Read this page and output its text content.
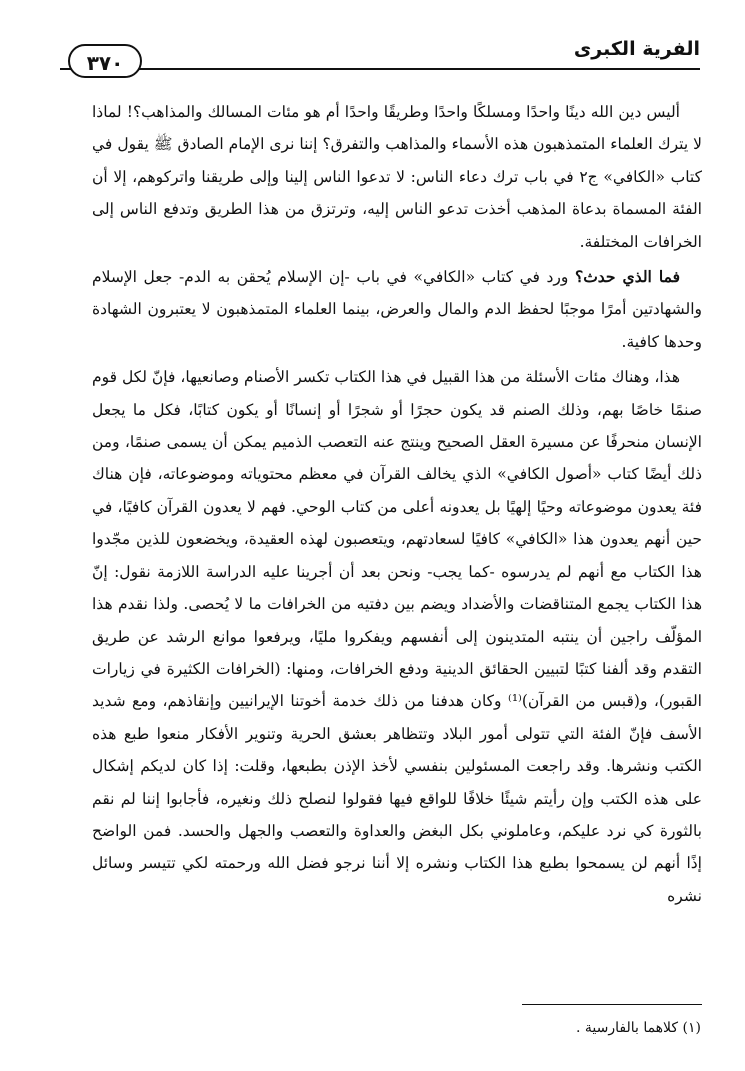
٣٧٠
الفرية الكبرى

أليس دين الله دينًا واحدًا ومسلكًا واحدًا وطريقًا واحدًا أم هو مئات المسالك والمذاهب؟! لماذا لا يترك العلماء المتمذهبون هذه الأسماء والمذاهب والتفرق؟ إننا نرى الإمام الصادق ﷺ يقول في كتاب «الكافي» ج٢ في باب ترك دعاء الناس: لا تدعوا الناس إلينا وإلى طريقنا واتركوهم، إلا أن الفئة المسماة بدعاة المذهب أخذت تدعو الناس إليه، وترتزق من هذا الطريق وتدفع الناس إلى الخرافات المختلفة.

فما الذي حدث؟ ورد في كتاب «الكافي» في باب -إن الإسلام يُحقن به الدم- جعل الإسلام والشهادتين أمرًا موجبًا لحفظ الدم والمال والعرض، بينما العلماء المتمذهبون لا يعتبرون الشهادة وحدها كافية.

هذا، وهناك مئات الأسئلة من هذا القبيل في هذا الكتاب تكسر الأصنام وصانعيها، فإنّ لكل قوم صنمًا خاصًا بهم، وذلك الصنم قد يكون حجرًا أو شجرًا أو إنسانًا أو يكون كتابًا، فكل ما يجعل الإنسان منحرفًا عن مسيرة العقل الصحيح وينتج عنه التعصب الذميم يمكن أن يسمى صنمًا، ومن ذلك أيضًا كتاب «أصول الكافي» الذي يخالف القرآن في معظم محتوياته وموضوعاته، فإن هناك فئة يعدون موضوعاته وحيًا إلهيًا بل يعدونه أعلى من كتاب الوحي. فهم لا يعدون القرآن كافيًا، في حين أنهم يعدون هذا «الكافي» كافيًا لسعادتهم، ويتعصبون لهذه العقيدة، ويخضعون للذين مجّدوا هذا الكتاب مع أنهم لم يدرسوه -كما يجب- ونحن بعد أن أجرينا عليه الدراسة اللازمة نقول: إنّ هذا الكتاب يجمع المتناقضات والأضداد ويضم بين دفتيه من الخرافات ما لا يُحصى. ولذا نقدم هذا المؤلّف راجين أن ينتبه المتدينون إلى أنفسهم ويفكروا مليًا، ويرفعوا موانع الرشد عن طريق التقدم وقد ألفنا كتبًا لتبيين الحقائق الدينية ودفع الخرافات، ومنها: (الخرافات الكثيرة في زيارات القبور)، و(قبس من القرآن)⁽¹⁾ وكان هدفنا من ذلك خدمة أخوتنا الإيرانيين وإنقاذهم، ومع شديد الأسف فإنّ الفئة التي تتولى أمور البلاد وتتظاهر بعشق الحرية وتنوير الأفكار منعوا طبع هذه الكتب ونشرها. وقد راجعت المسئولين بنفسي لأخذ الإذن بطبعها، وقلت: إذا كان لديكم إشكال على هذه الكتب وإن رأيتم شيئًا خلافًا للواقع فيها فقولوا لنصلح ذلك ونغيره، فأجابوا إننا لم نقم بالثورة كي نرد عليكم، وعاملوني بكل البغض والعداوة والتعصب والجهل والحسد. فمن الواضح إذًا أنهم لن يسمحوا بطبع هذا الكتاب ونشره إلا أننا نرجو فضل الله ورحمته لكي تتيسر وسائل نشره

(١) كلاهما بالفارسية .
